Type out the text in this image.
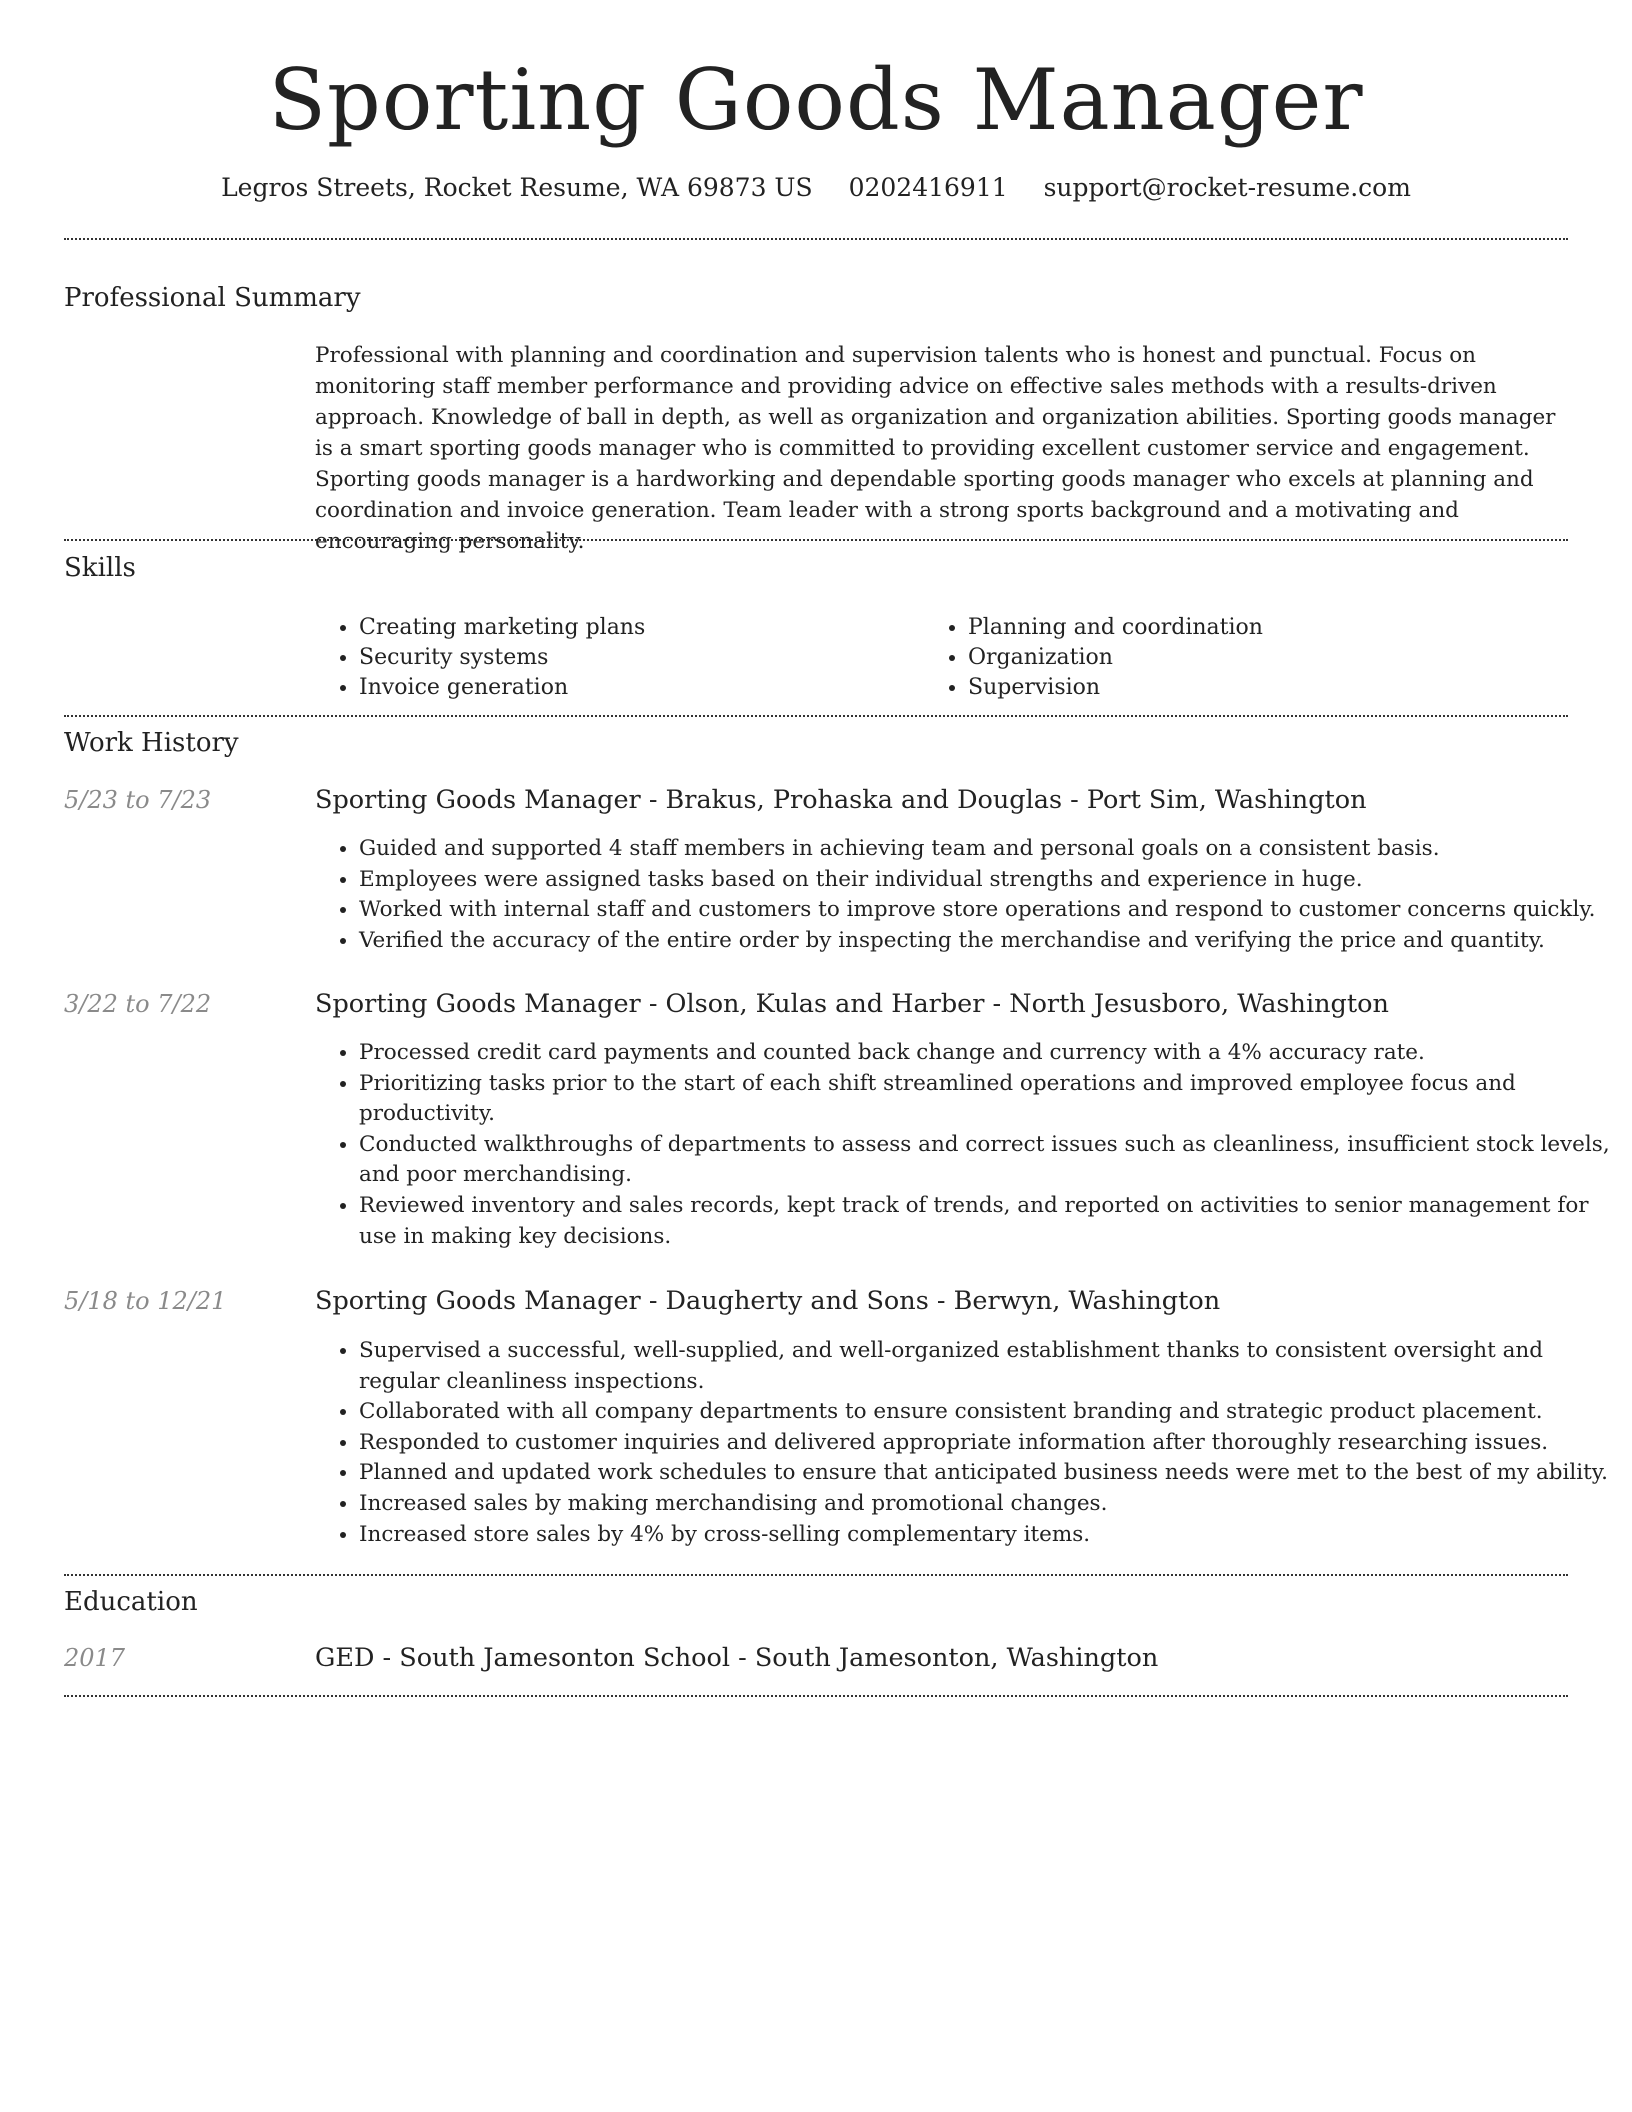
Sporting Goods Manager
Legros Streets, Rocket Resume, WA 69873 US 0202416911 support@rocket-resume.com
Professional Summary
Professional with planning and coordination and supervision talents who is honest and punctual. Focus on monitoring staff member performance and providing advice on effective sales methods with a results-driven approach. Knowledge of ball in depth, as well as organization and organization abilities. Sporting goods manager is a smart sporting goods manager who is committed to providing excellent customer service and engagement. Sporting goods manager is a hardworking and dependable sporting goods manager who excels at planning and coordination and invoice generation. Team leader with a strong sports background and a motivating and encouraging personality.
Skills
• Creating marketing plans
• Security systems
• Invoice generation
• Planning and coordination
• Organization
• Supervision
Work History
5/23 to 7/23	Sporting Goods Manager - Brakus, Prohaska and Douglas - Port Sim, Washington
• Guided and supported 4 staff members in achieving team and personal goals on a consistent basis.
• Employees were assigned tasks based on their individual strengths and experience in huge.
• Worked with internal staff and customers to improve store operations and respond to customer concerns quickly.
• Verified the accuracy of the entire order by inspecting the merchandise and verifying the price and quantity.
3/22 to 7/22	Sporting Goods Manager - Olson, Kulas and Harber - North Jesusboro, Washington
• Processed credit card payments and counted back change and currency with a 4% accuracy rate.
• Prioritizing tasks prior to the start of each shift streamlined operations and improved employee focus and productivity.
• Conducted walkthroughs of departments to assess and correct issues such as cleanliness, insufficient stock levels, and poor merchandising.
• Reviewed inventory and sales records, kept track of trends, and reported on activities to senior management for use in making key decisions.
5/18 to 12/21	Sporting Goods Manager - Daugherty and Sons - Berwyn, Washington
• Supervised a successful, well-supplied, and well-organized establishment thanks to consistent oversight and regular cleanliness inspections.
• Collaborated with all company departments to ensure consistent branding and strategic product placement.
• Responded to customer inquiries and delivered appropriate information after thoroughly researching issues.
• Planned and updated work schedules to ensure that anticipated business needs were met to the best of my ability.
• Increased sales by making merchandising and promotional changes.
• Increased store sales by 4% by cross-selling complementary items.
Education
2017	GED - South Jamesonton School - South Jamesonton, Washington
